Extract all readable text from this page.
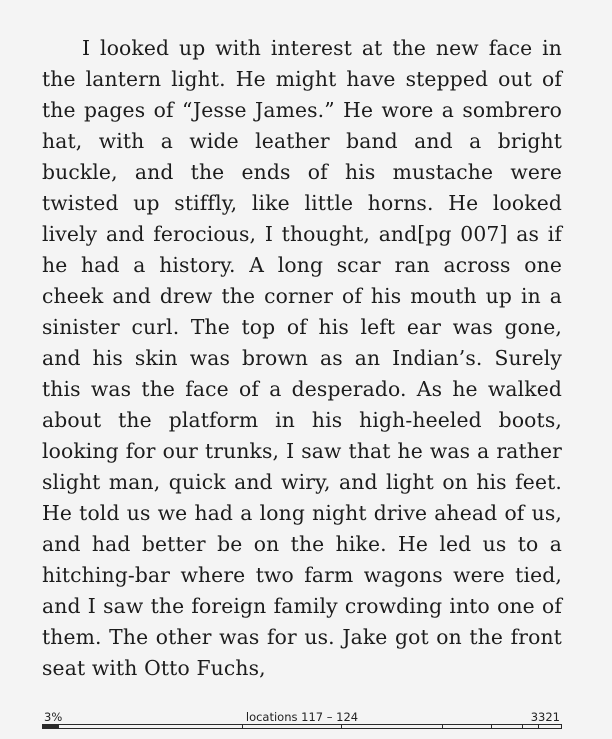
I looked up with interest at the new face in the lantern light. He might have stepped out of the pages of “Jesse James.” He wore a sombrero hat, with a wide leather band and a bright buckle, and the ends of his mustache were twisted up stiffly, like little horns. He looked lively and ferocious, I thought, and[pg 007] as if he had a history. A long scar ran across one cheek and drew the corner of his mouth up in a sinister curl. The top of his left ear was gone, and his skin was brown as an Indian’s. Surely this was the face of a desperado. As he walked about the platform in his high-heeled boots, looking for our trunks, I saw that he was a rather slight man, quick and wiry, and light on his feet. He told us we had a long night drive ahead of us, and had better be on the hike. He led us to a hitching-bar where two farm wagons were tied, and I saw the foreign family crowding into one of them. The other was for us. Jake got on the front seat with Otto Fuchs,

3%	locations 117 – 124	3321
